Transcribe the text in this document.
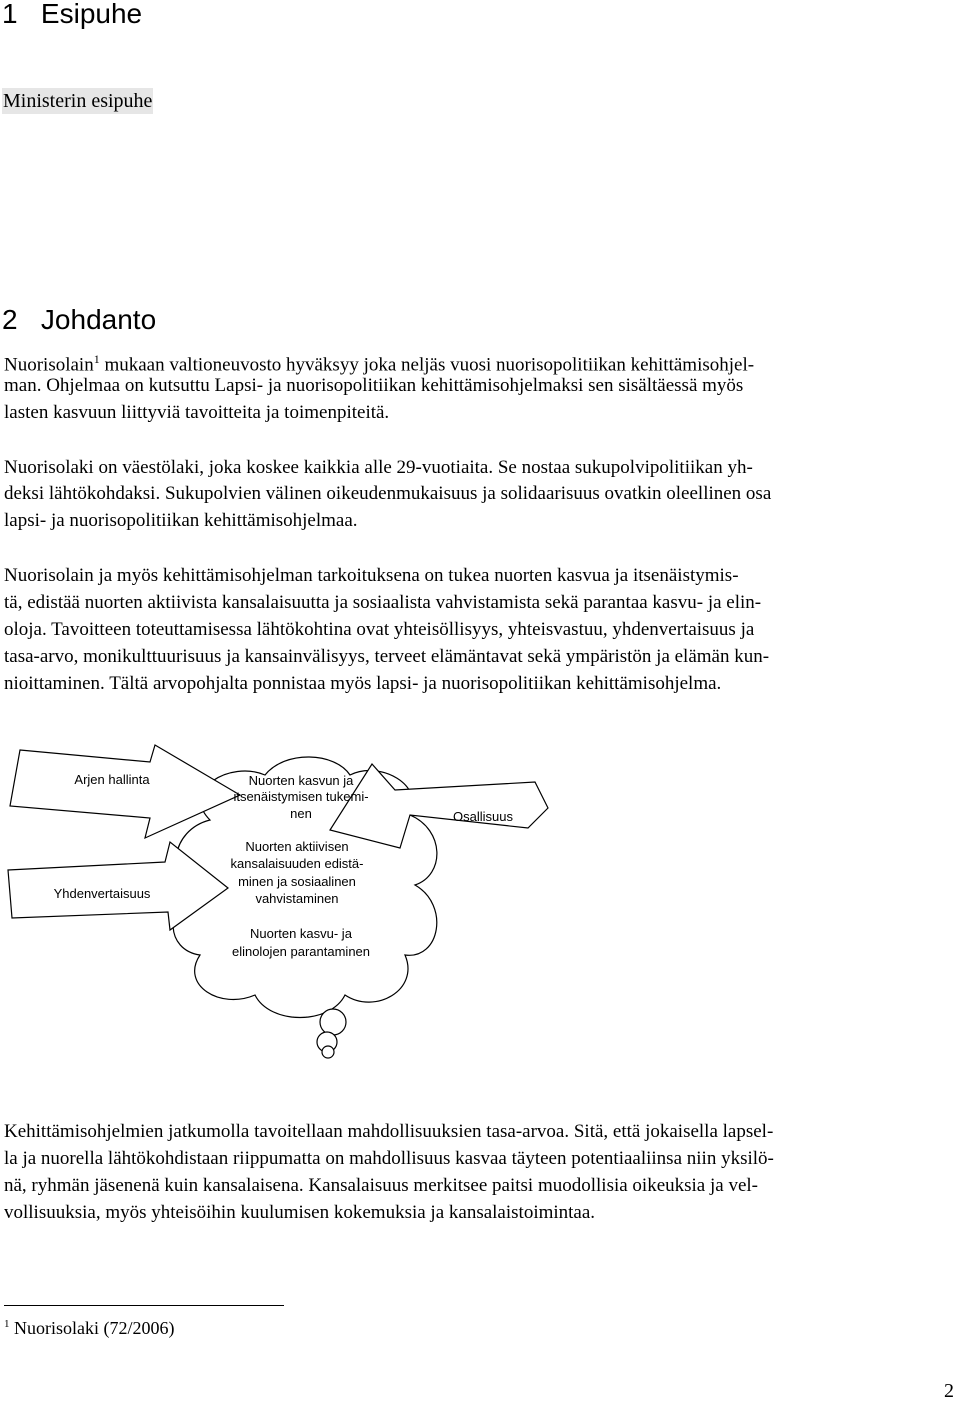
1 Esipuhe
Ministerin esipuhe
2 Johdanto
Nuorisolain$^1$ mukaan valtioneuvosto hyväksyy joka neljäs vuosi nuorisopolitiikan kehittämisohjel-
man. Ohjelmaa on kutsuttu Lapsi- ja nuorisopolitiikan kehittämisohjelmaksi sen sisältäessä myös
lasten kasvuun liittyviä tavoitteita ja toimenpiteitä.
Nuorisolaki on väestölaki, joka koskee kaikkia alle 29-vuotiaita. Se nostaa sukupolvipolitiikan yh-
deksi lähtökohdaksi. Sukupolvien välinen oikeudenmukaisuus ja solidaarisuus ovatkin oleellinen osa
lapsi- ja nuorisopolitiikan kehittämisohjelmaa.
Nuorisolain ja myös kehittämisohjelman tarkoituksena on tukea nuorten kasvua ja itsenäistymis-
tä, edistää nuorten aktiivista kansalaisuutta ja sosiaalista vahvistamista sekä parantaa kasvu- ja elin-
oloja. Tavoitteen toteuttamisessa lähtökohtina ovat yhteisöllisyys, yhteisvastuu, yhdenvertaisuus ja
tasa-arvo, monikulttuurisuus ja kansainvälisyys, terveet elämäntavat sekä ympäristön ja elämän kun-
nioittaminen. Tältä arvopohjalta ponnistaa myös lapsi- ja nuorisopolitiikan kehittämisohjelma.
Arjen hallinta
Yhdenvertaisuus
Osallisuus
Nuorten kasvun ja
itsenäistymisen tukemi-
nen
Nuorten aktiivisen
kansalaisuuden edistä-
minen ja sosiaalinen
vahvistaminen
Nuorten kasvu- ja
elinolojen parantaminen
Kehittämisohjelmien jatkumolla tavoitellaan mahdollisuuksien tasa-arvoa. Sitä, että jokaisella lapsel-
la ja nuorella lähtökohdistaan riippumatta on mahdollisuus kasvaa täyteen potentiaaliinsa niin yksilö-
nä, ryhmän jäsenenä kuin kansalaisena. Kansalaisuus merkitsee paitsi muodollisia oikeuksia ja vel-
vollisuuksia, myös yhteisöihin kuulumisen kokemuksia ja kansalaistoimintaa.
$^1$ Nuorisolaki (72/2006)
2
